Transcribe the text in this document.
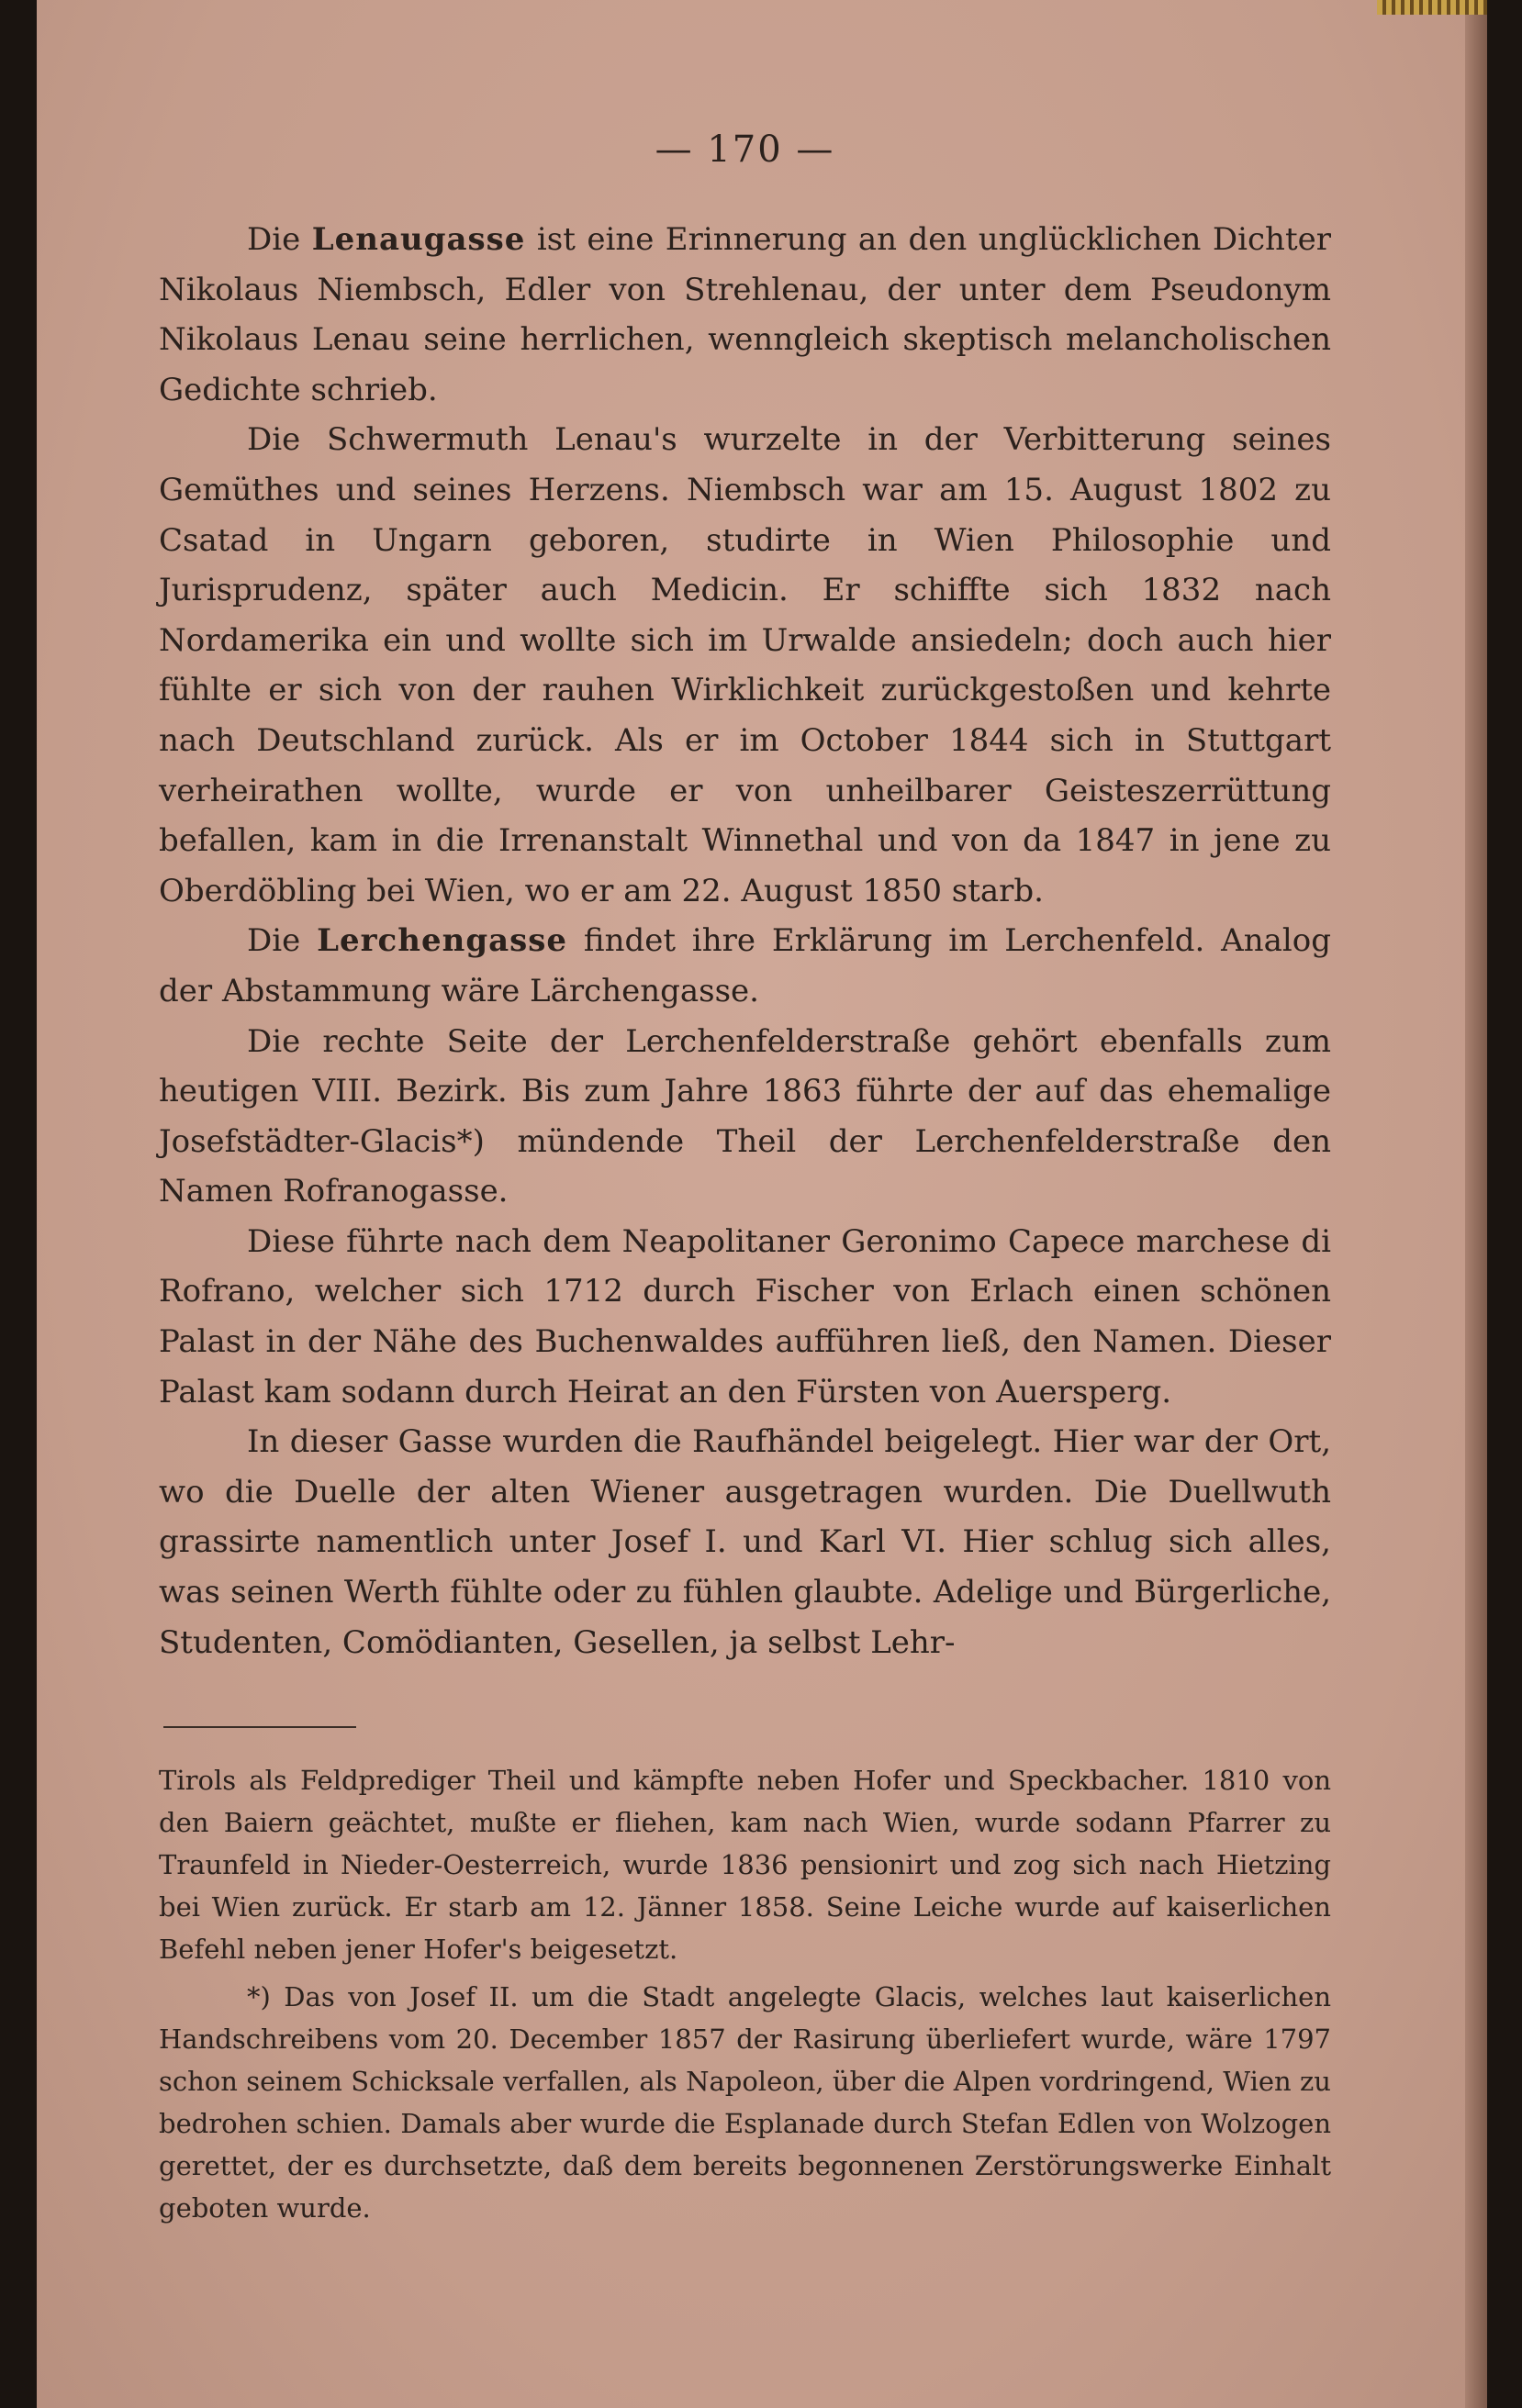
— 170 —

Die Lenaugasse ist eine Erinnerung an den unglücklichen Dichter Nikolaus Niembsch, Edler von Strehlenau, der unter dem Pseudonym Nikolaus Lenau seine herrlichen, wenngleich skeptisch melancholischen Gedichte schrieb.

Die Schwermuth Lenau's wurzelte in der Verbitterung seines Gemüthes und seines Herzens. Niembsch war am 15. August 1802 zu Csatad in Ungarn geboren, studirte in Wien Philosophie und Jurisprudenz, später auch Medicin. Er schiffte sich 1832 nach Nordamerika ein und wollte sich im Urwalde ansiedeln; doch auch hier fühlte er sich von der rauhen Wirklichkeit zurückgestoßen und kehrte nach Deutschland zurück. Als er im October 1844 sich in Stuttgart verheirathen wollte, wurde er von unheilbarer Geisteszerrüttung befallen, kam in die Irrenanstalt Winnethal und von da 1847 in jene zu Oberdöbling bei Wien, wo er am 22. August 1850 starb.

Die Lerchengasse findet ihre Erklärung im Lerchenfeld. Analog der Abstammung wäre Lärchengasse.

Die rechte Seite der Lerchenfelderstraße gehört ebenfalls zum heutigen VIII. Bezirk. Bis zum Jahre 1863 führte der auf das ehemalige Josefstädter-Glacis*) mündende Theil der Lerchenfelderstraße den Namen Rofranogasse.

Diese führte nach dem Neapolitaner Geronimo Capece marchese di Rofrano, welcher sich 1712 durch Fischer von Erlach einen schönen Palast in der Nähe des Buchenwaldes aufführen ließ, den Namen. Dieser Palast kam sodann durch Heirat an den Fürsten von Auersperg.

In dieser Gasse wurden die Raufhändel beigelegt. Hier war der Ort, wo die Duelle der alten Wiener ausgetragen wurden. Die Duellwuth grassirte namentlich unter Josef I. und Karl VI. Hier schlug sich alles, was seinen Werth fühlte oder zu fühlen glaubte. Adelige und Bürgerliche, Studenten, Comödianten, Gesellen, ja selbst Lehr-

Tirols als Feldprediger Theil und kämpfte neben Hofer und Speckbacher. 1810 von den Baiern geächtet, mußte er fliehen, kam nach Wien, wurde sodann Pfarrer zu Traunfeld in Nieder-Oesterreich, wurde 1836 pensionirt und zog sich nach Hietzing bei Wien zurück. Er starb am 12. Jänner 1858. Seine Leiche wurde auf kaiserlichen Befehl neben jener Hofer's beigesetzt.

*) Das von Josef II. um die Stadt angelegte Glacis, welches laut kaiserlichen Handschreibens vom 20. December 1857 der Rasirung überliefert wurde, wäre 1797 schon seinem Schicksale verfallen, als Napoleon, über die Alpen vordringend, Wien zu bedrohen schien. Damals aber wurde die Esplanade durch Stefan Edlen von Wolzogen gerettet, der es durchsetzte, daß dem bereits begonnenen Zerstörungswerke Einhalt geboten wurde.
